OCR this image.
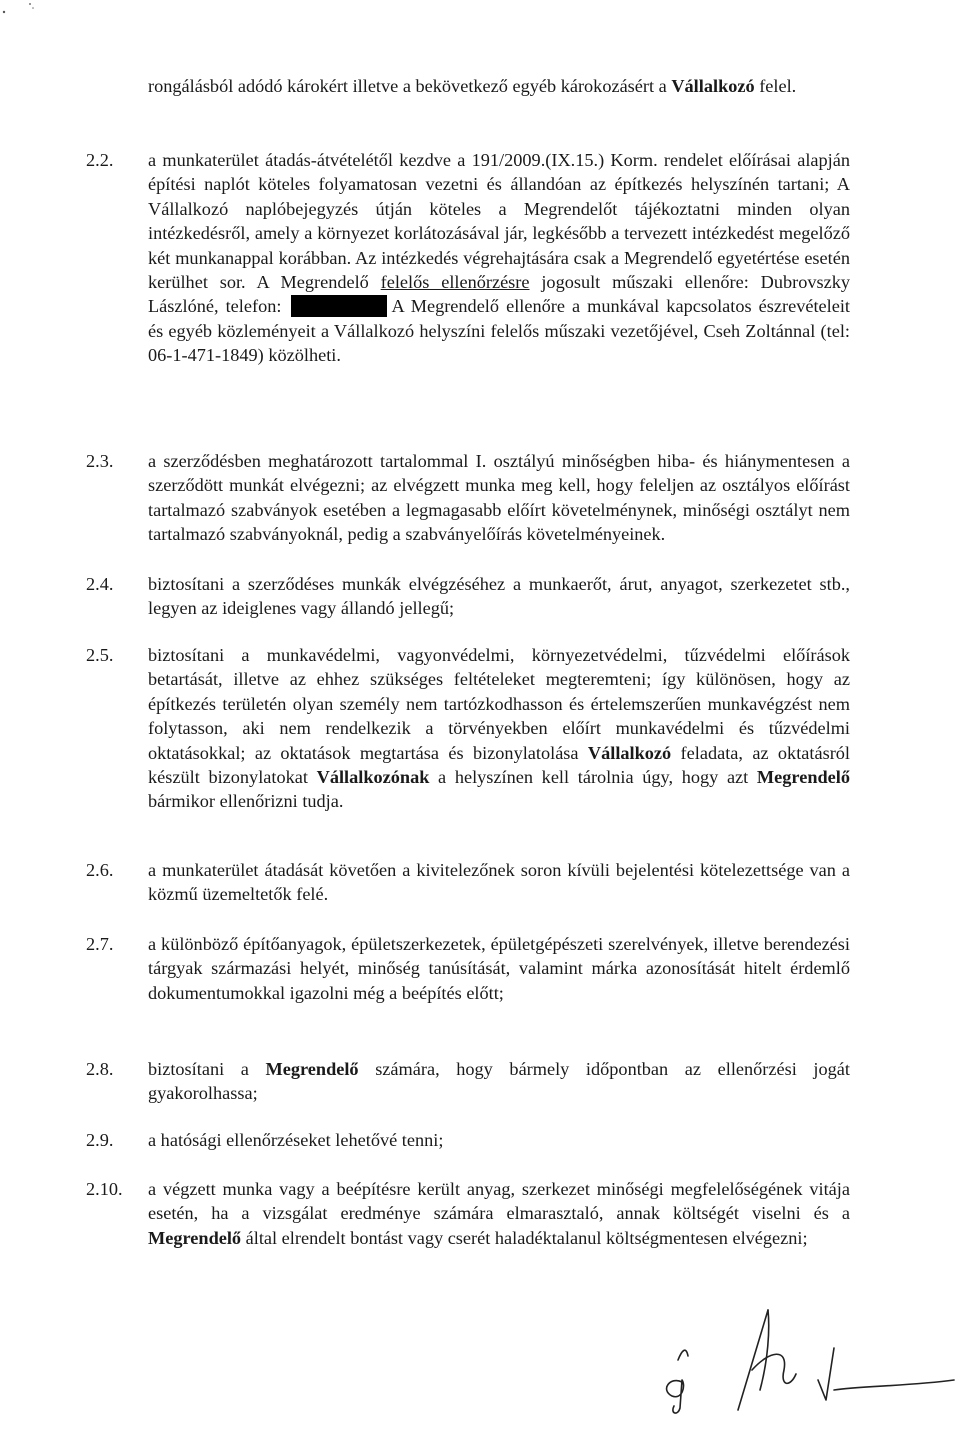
rongálásból adódó károkért illetve a bekövetkező egyéb károkozásért a Vállalkozó felel.
2.2.	a munkaterület átadás-átvételétől kezdve a 191/2009.(IX.15.) Korm. rendelet előírásai alapján építési naplót köteles folyamatosan vezetni és állandóan az építkezés helyszínén tartani; A Vállalkozó naplóbejegyzés útján köteles a Megrendelőt tájékoztatni minden olyan intézkedésről, amely a környezet korlátozásával jár, legkésőbb a tervezett intézkedést megelőző két munkanappal korábban. Az intézkedés végrehajtására csak a Megrendelő egyetértése esetén kerülhet sor. A Megrendelő felelős ellenőrzésre jogosult műszaki ellenőre: Dubrovszky Lászlóné, telefon:	A Megrendelő ellenőre a munkával kapcsolatos észrevételeit és egyéb közleményeit a Vállalkozó helyszíni felelős műszaki vezetőjével, Cseh Zoltánnal (tel: 06-1-471-1849) közölheti.
2.3.	a szerződésben meghatározott tartalommal I. osztályú minőségben hiba- és hiánymentesen a szerződött munkát elvégezni; az elvégzett munka meg kell, hogy feleljen az osztályos előírást tartalmazó szabványok esetében a legmagasabb előírt követelménynek, minőségi osztályt nem tartalmazó szabványoknál, pedig a szabványelőírás követelményeinek.
2.4.	biztosítani a szerződéses munkák elvégzéséhez a munkaerőt, árut, anyagot, szerkezetet stb., legyen az ideiglenes vagy állandó jellegű;
2.5.	biztosítani a munkavédelmi, vagyonvédelmi, környezetvédelmi, tűzvédelmi előírások betartását, illetve az ehhez szükséges feltételeket megteremteni; így különösen, hogy az építkezés területén olyan személy nem tartózkodhasson és értelemszerűen munkavégzést nem folytasson, aki nem rendelkezik a törvényekben előírt munkavédelmi és tűzvédelmi oktatásokkal; az oktatások megtartása és bizonylatolása Vállalkozó feladata, az oktatásról készült bizonylatokat Vállalkozónak a helyszínen kell tárolnia úgy, hogy azt Megrendelő bármikor ellenőrizni tudja.
2.6.	a munkaterület átadását követően a kivitelezőnek soron kívüli bejelentési kötelezettsége van a közmű üzemeltetők felé.
2.7.	a különböző építőanyagok, épületszerkezetek, épületgépészeti szerelvények, illetve berendezési tárgyak származási helyét, minőség tanúsítását, valamint márka azonosítását hitelt érdemlő dokumentumokkal igazolni még a beépítés előtt;
2.8.	biztosítani a Megrendelő számára, hogy bármely időpontban az ellenőrzési jogát gyakorolhassa;
2.9.	a hatósági ellenőrzéseket lehetővé tenni;
2.10.	a végzett munka vagy a beépítésre került anyag, szerkezet minőségi megfelelőségének vitája esetén, ha a vizsgálat eredménye számára elmarasztaló, annak költségét viselni és a Megrendelő által elrendelt bontást vagy cserét haladéktalanul költségmentesen elvégezni;
